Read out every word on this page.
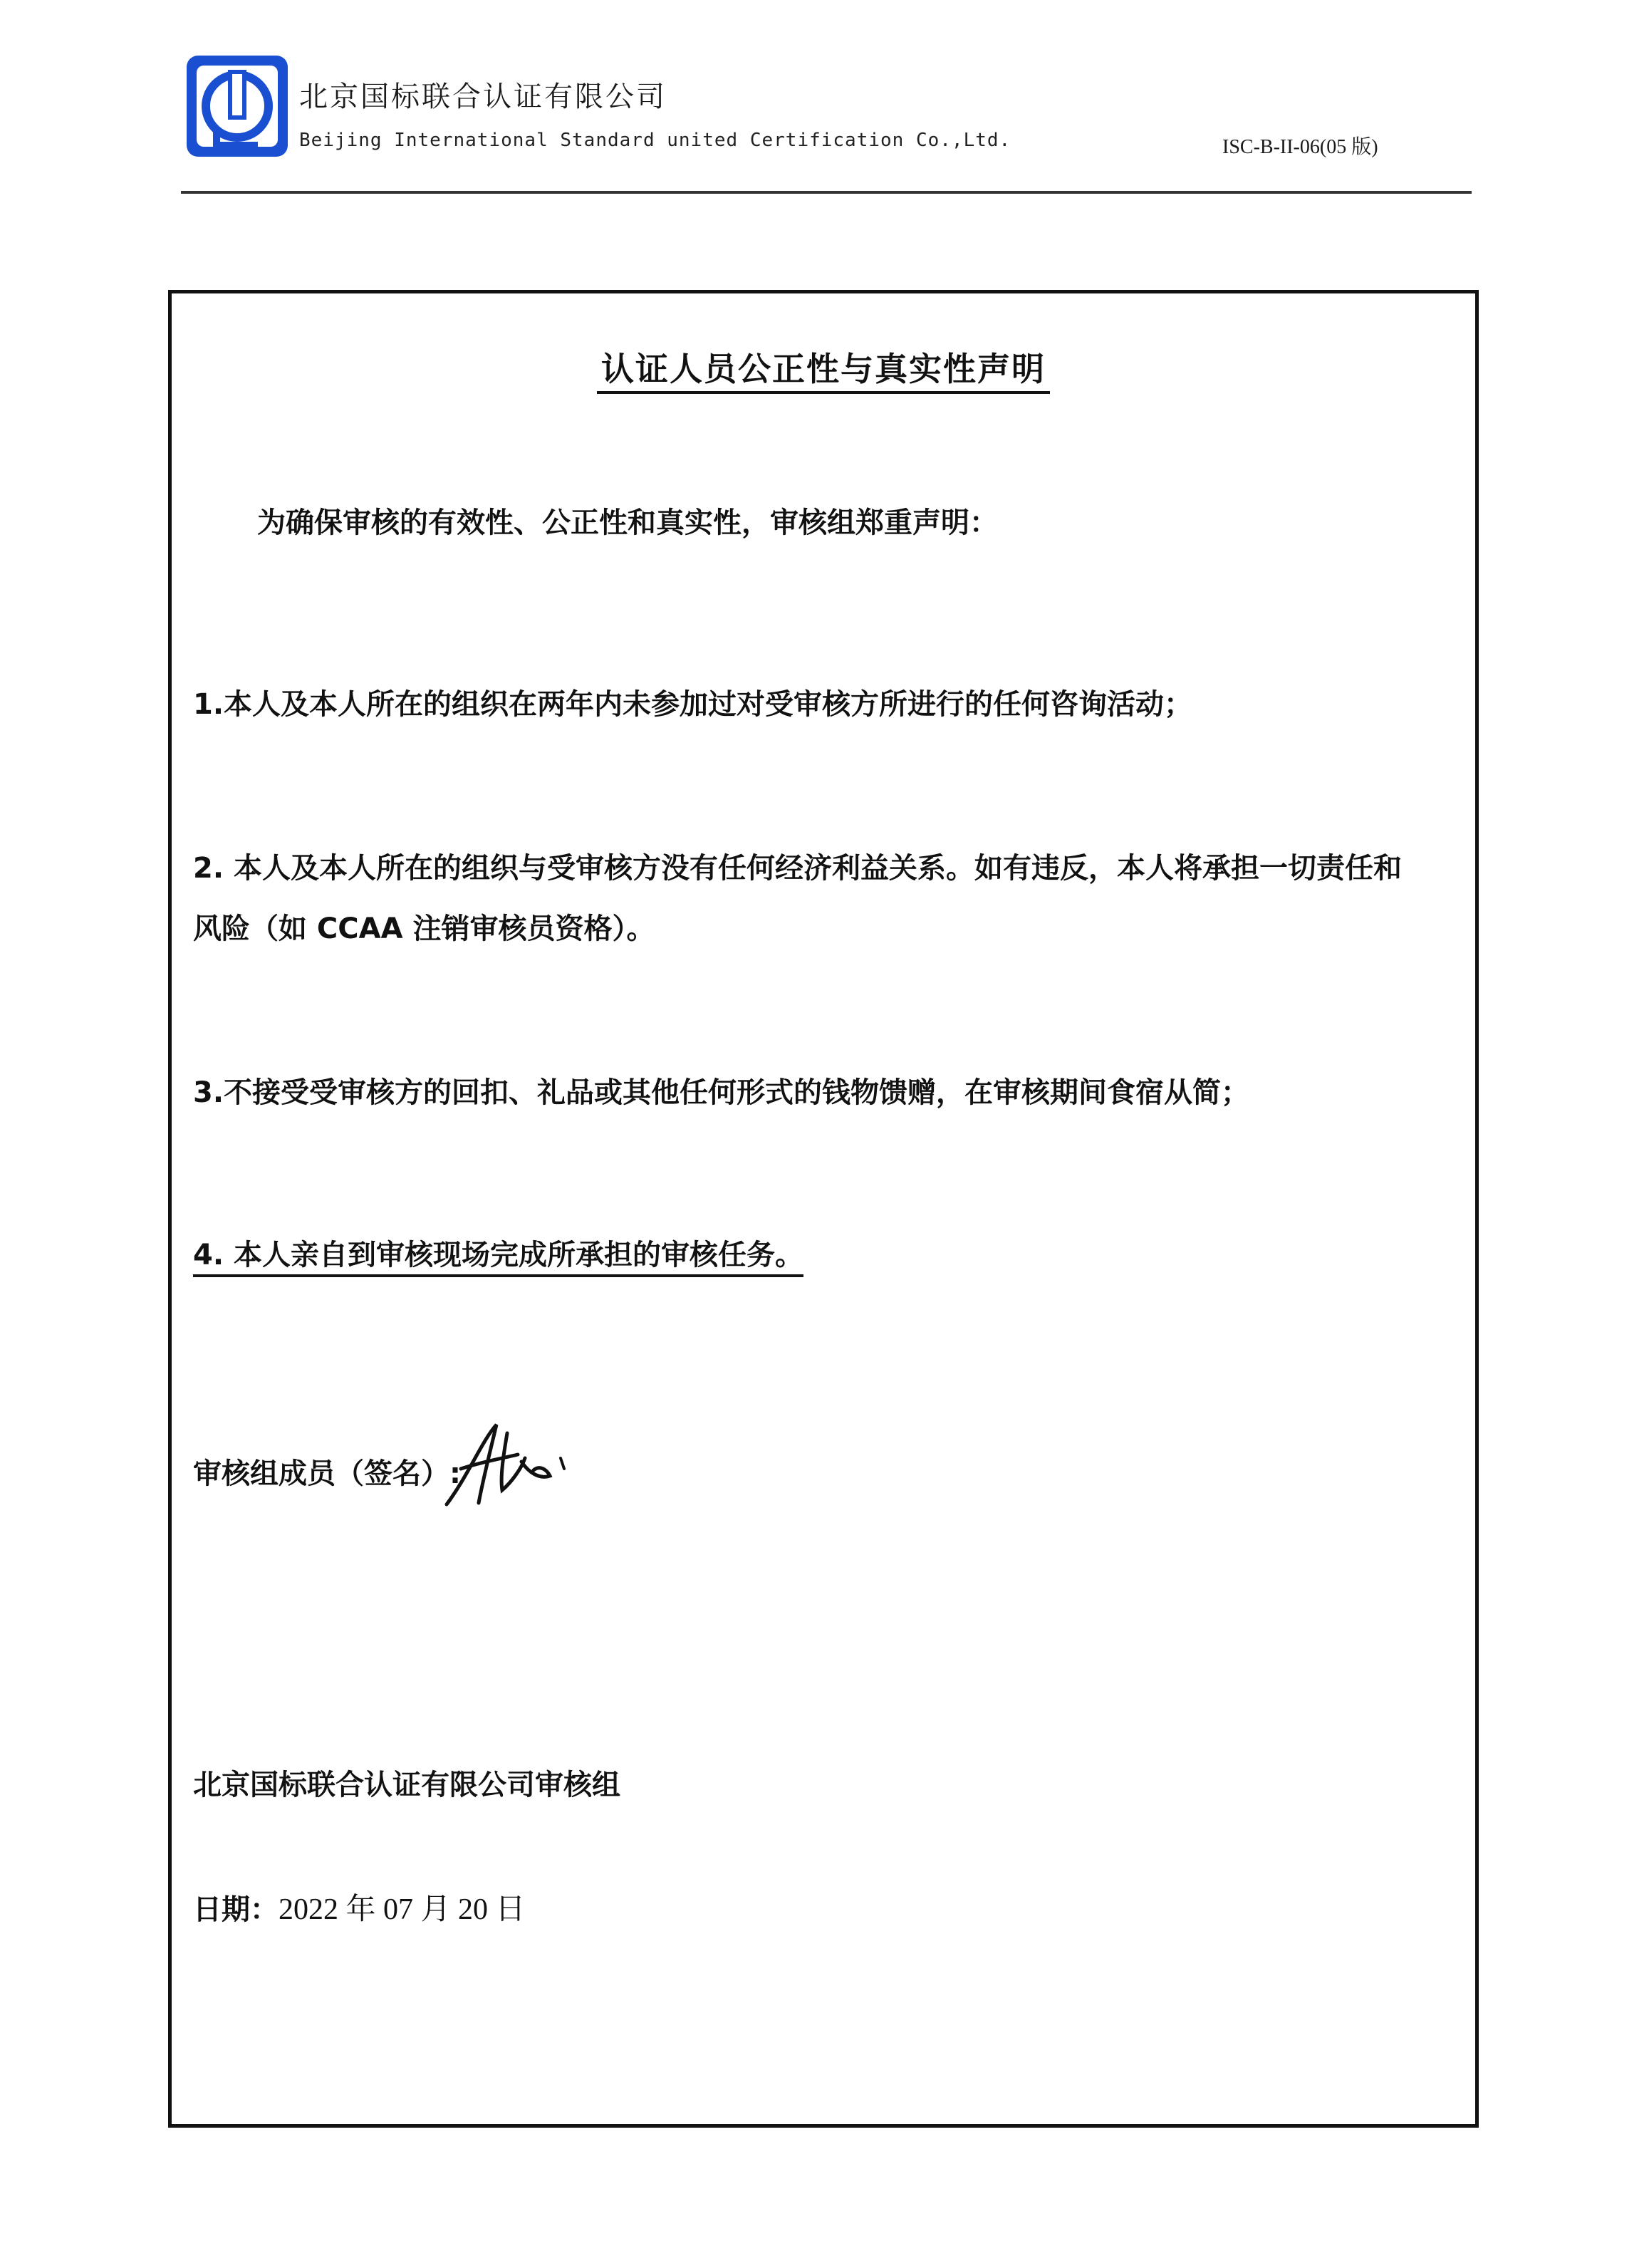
北京国标联合认证有限公司
Beijing International Standard united Certification Co.,Ltd.	ISC-B-II-06(05 版)
认证人员公正性与真实性声明
为确保审核的有效性、公正性和真实性，审核组郑重声明：
1.本人及本人所在的组织在两年内未参加过对受审核方所进行的任何咨询活动；
2. 本人及本人所在的组织与受审核方没有任何经济利益关系。如有违反，本人将承担一切责任和
风险（如 CCAA 注销审核员资格）。
3.不接受受审核方的回扣、礼品或其他任何形式的钱物馈赠，在审核期间食宿从简；
4. 本人亲自到审核现场完成所承担的审核任务。
审核组成员（签名）:
北京国标联合认证有限公司审核组
日期：2022 年 07 月 20 日
